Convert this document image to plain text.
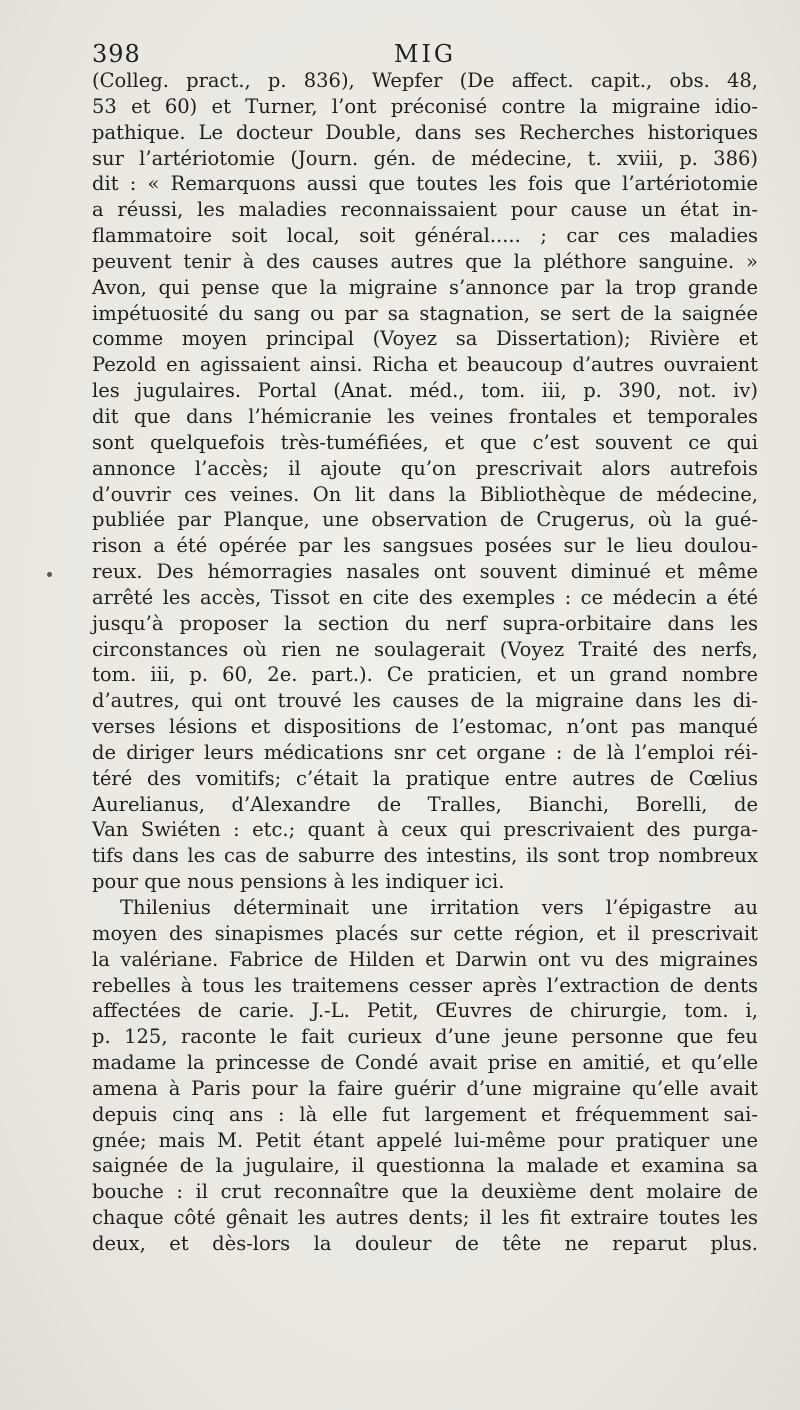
398	MIG
(Colleg. pract., p. 836), Wepfer (De affect. capit., obs. 48,
53 et 60) et Turner, l’ont préconisé contre la migraine idio-
pathique. Le docteur Double, dans ses Recherches historiques
sur l’artériotomie (Journ. gén. de médecine, t. xviii, p. 386)
dit : « Remarquons aussi que toutes les fois que l’artériotomie
a réussi, les maladies reconnaissaient pour cause un état in-
flammatoire soit local, soit général..... ; car ces maladies
peuvent tenir à des causes autres que la pléthore sanguine. »
Avon, qui pense que la migraine s’annonce par la trop grande
impétuosité du sang ou par sa stagnation, se sert de la saignée
comme moyen principal (Voyez sa Dissertation); Rivière et
Pezold en agissaient ainsi. Richa et beaucoup d’autres ouvraient
les jugulaires. Portal (Anat. méd., tom. iii, p. 390, not. iv)
dit que dans l’hémicranie les veines frontales et temporales
sont quelquefois très-tuméfiées, et que c’est souvent ce qui
annonce l’accès; il ajoute qu’on prescrivait alors autrefois
d’ouvrir ces veines. On lit dans la Bibliothèque de médecine,
publiée par Planque, une observation de Crugerus, où la gué-
rison a été opérée par les sangsues posées sur le lieu doulou-
reux. Des hémorragies nasales ont souvent diminué et même
arrêté les accès, Tissot en cite des exemples : ce médecin a été
jusqu’à proposer la section du nerf supra-orbitaire dans les
circonstances où rien ne soulagerait (Voyez Traité des nerfs,
tom. iii, p. 60, 2e. part.). Ce praticien, et un grand nombre
d’autres, qui ont trouvé les causes de la migraine dans les di-
verses lésions et dispositions de l’estomac, n’ont pas manqué
de diriger leurs médications snr cet organe : de là l’emploi réi-
téré des vomitifs; c’était la pratique entre autres de Cœlius
Aurelianus, d’Alexandre de Tralles, Bianchi, Borelli, de
Van Swiéten : etc.; quant à ceux qui prescrivaient des purga-
tifs dans les cas de saburre des intestins, ils sont trop nombreux
pour que nous pensions à les indiquer ici.
Thilenius déterminait une irritation vers l’épigastre au
moyen des sinapismes placés sur cette région, et il prescrivait
la valériane. Fabrice de Hilden et Darwin ont vu des migraines
rebelles à tous les traitemens cesser après l’extraction de dents
affectées de carie. J.-L. Petit, Œuvres de chirurgie, tom. i,
p. 125, raconte le fait curieux d’une jeune personne que feu
madame la princesse de Condé avait prise en amitié, et qu’elle
amena à Paris pour la faire guérir d’une migraine qu’elle avait
depuis cinq ans : là elle fut largement et fréquemment sai-
gnée; mais M. Petit étant appelé lui-même pour pratiquer une
saignée de la jugulaire, il questionna la malade et examina sa
bouche : il crut reconnaître que la deuxième dent molaire de
chaque côté gênait les autres dents; il les fit extraire toutes les
deux, et dès-lors la douleur de tête ne reparut plus.
